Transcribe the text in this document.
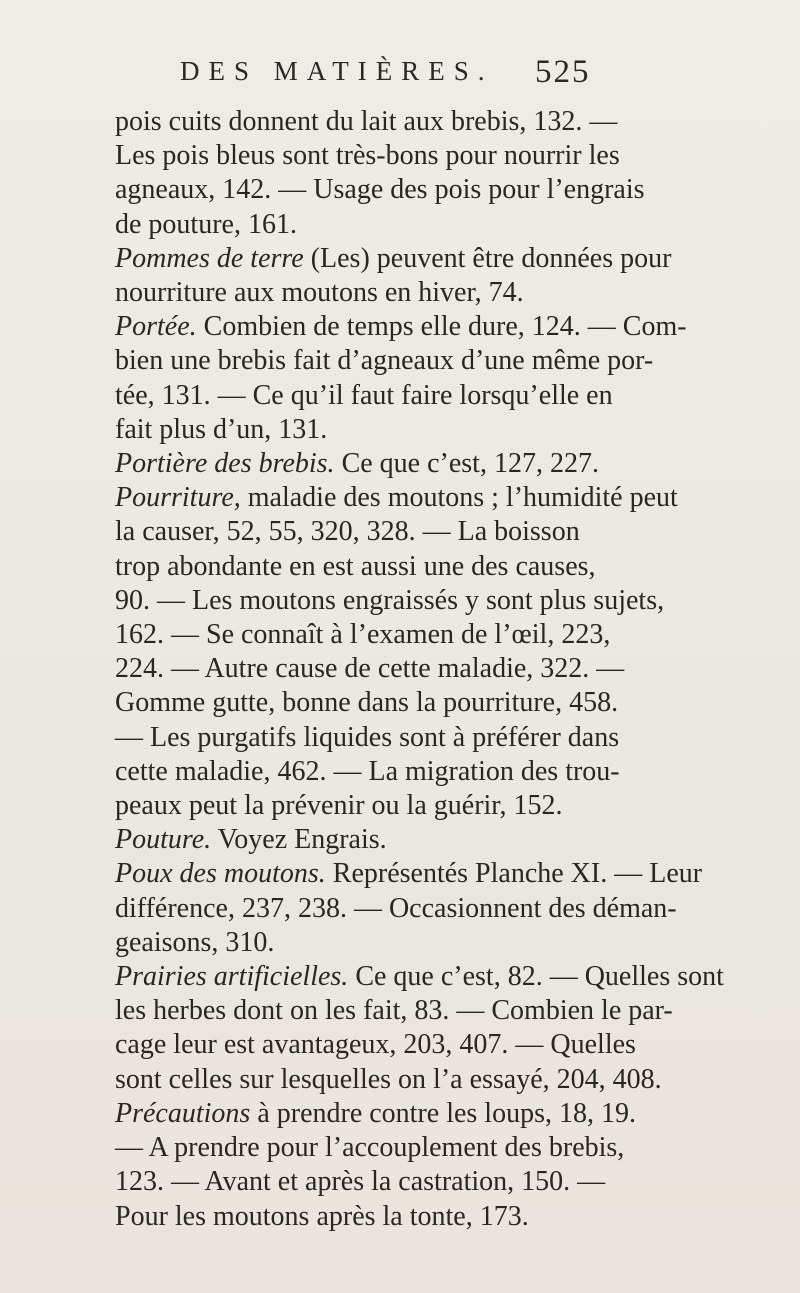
DES MATIÈRES. 525

pois cuits donnent du lait aux brebis, 132. —
Les pois bleus sont très-bons pour nourrir les
agneaux, 142. — Usage des pois pour l’engrais
de pouture, 161.

Pommes de terre (Les) peuvent être données pour
nourriture aux moutons en hiver, 74.

Portée. Combien de temps elle dure, 124. — Com-
bien une brebis fait d’agneaux d’une même por-
tée, 131. — Ce qu’il faut faire lorsqu’elle en
fait plus d’un, 131.

Portière des brebis. Ce que c’est, 127, 227.

Pourriture, maladie des moutons ; l’humidité peut
la causer, 52, 55, 320, 328. — La boisson
trop abondante en est aussi une des causes,
90. — Les moutons engraissés y sont plus sujets,
162. — Se connaît à l’examen de l’œil, 223,
224. — Autre cause de cette maladie, 322. —
Gomme gutte, bonne dans la pourriture, 458.
— Les purgatifs liquides sont à préférer dans
cette maladie, 462. — La migration des trou-
peaux peut la prévenir ou la guérir, 152.

Pouture. Voyez Engrais.

Poux des moutons. Représentés Planche XI. — Leur
différence, 237, 238. — Occasionnent des déman-
geaisons, 310.

Prairies artificielles. Ce que c’est, 82. — Quelles sont
les herbes dont on les fait, 83. — Combien le par-
cage leur est avantageux, 203, 407. — Quelles
sont celles sur lesquelles on l’a essayé, 204, 408.

Précautions à prendre contre les loups, 18, 19.
— A prendre pour l’accouplement des brebis,
123. — Avant et après la castration, 150. —
Pour les moutons après la tonte, 173.
